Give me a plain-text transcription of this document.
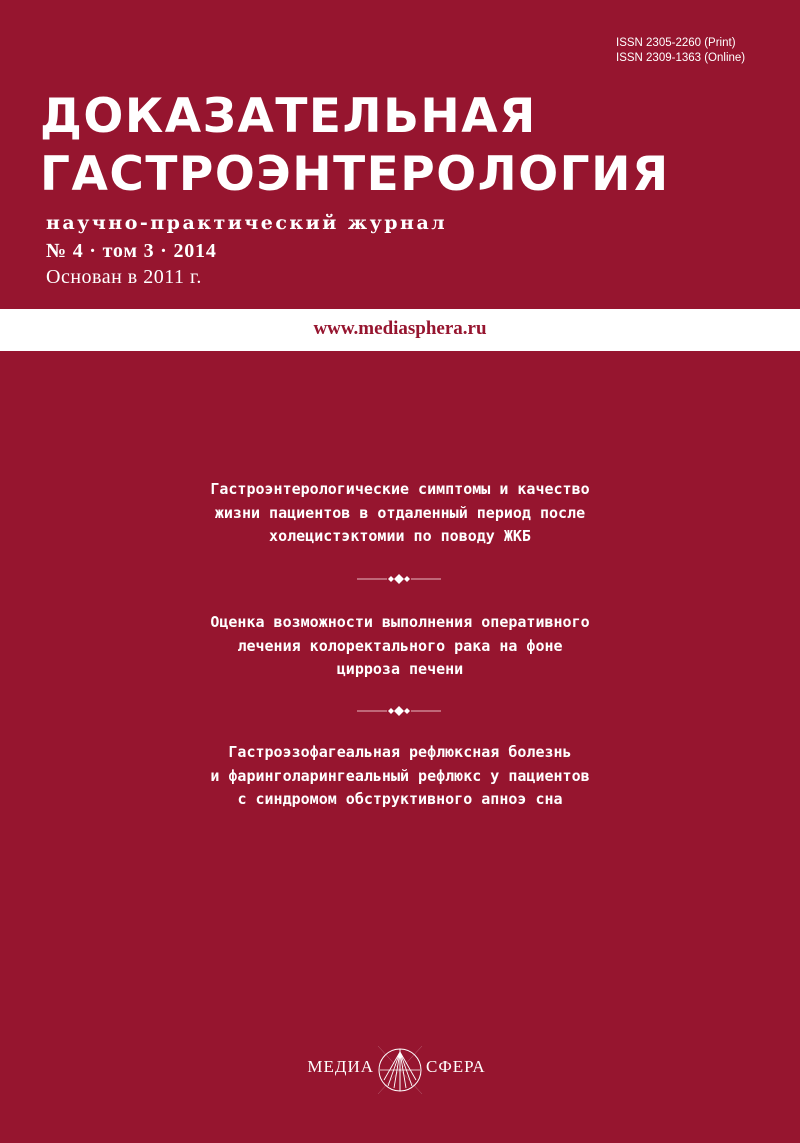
ISSN 2305-2260 (Print)
ISSN 2309-1363 (Online)
ДОКАЗАТЕЛЬНАЯ
ГАСТРОЭНТЕРОЛОГИЯ
научно-практический журнал
№ 4 · том 3 · 2014
Основан в 2011 г.
www.mediasphera.ru
Гастроэнтерологические симптомы и качество
жизни пациентов в отдаленный период после
холецистэктомии по поводу ЖКБ
Оценка возможности выполнения оперативного
лечения колоректального рака на фоне
цирроза печени
Гастроэзофагеальная рефлюксная болезнь
и фаринголарингеальный рефлюкс у пациентов
с синдромом обструктивного апноэ сна
МЕДИА	СФЕРА
